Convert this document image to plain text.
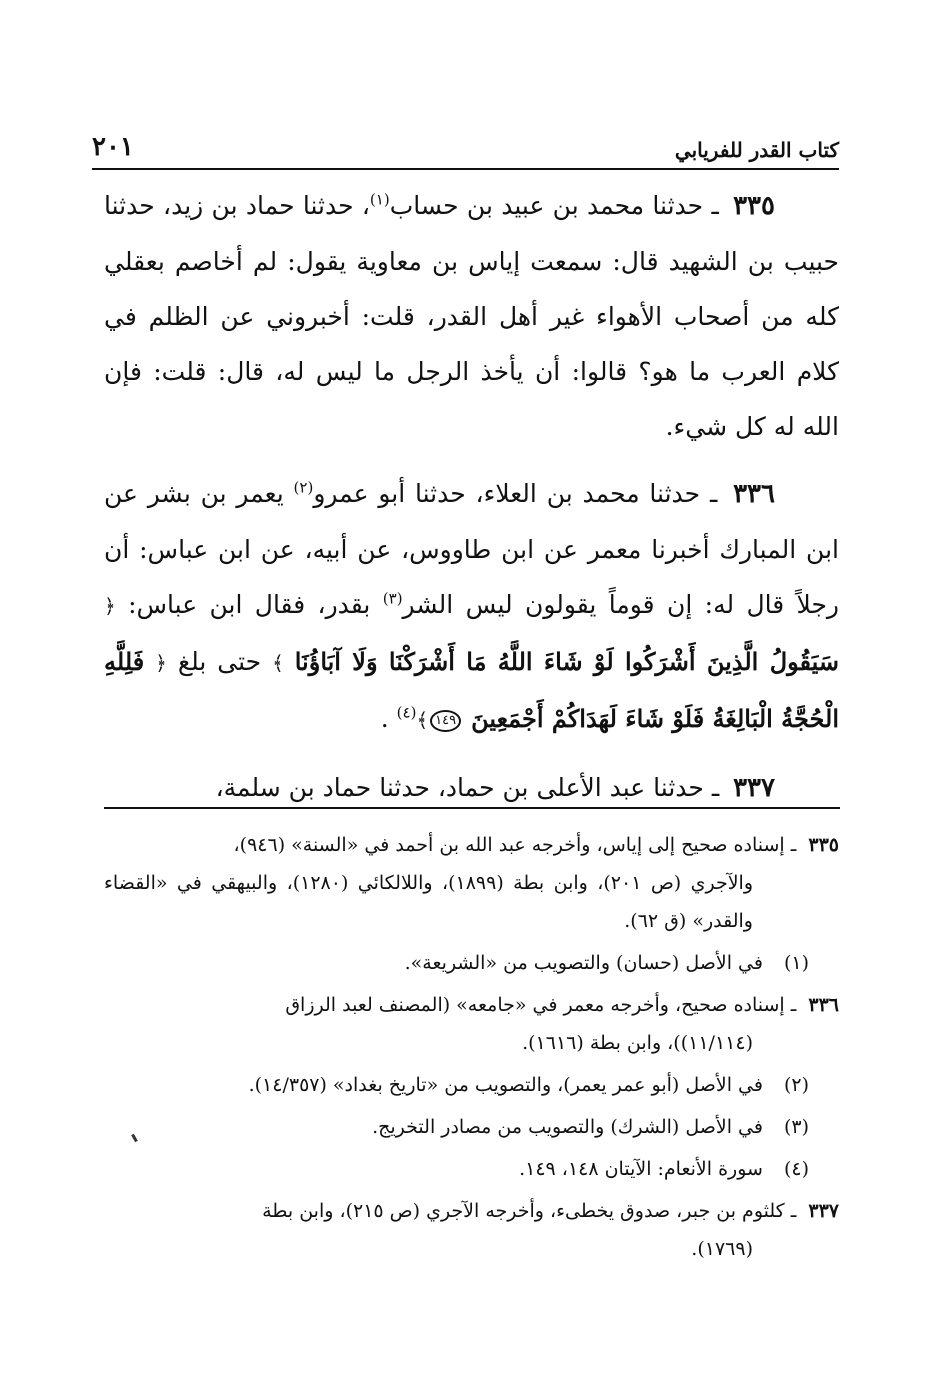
كتاب القدر للفريابي
٢٠١

٣٣٥ ـ حدثنا محمد بن عبيد بن حساب$^{(١)}$، حدثنا حماد بن زيد، حدثنا حبيب بن الشهيد قال: سمعت إياس بن معاوية يقول: لم أخاصم بعقلي كله من أصحاب الأهواء غير أهل القدر، قلت: أخبروني عن الظلم في كلام العرب ما هو؟ قالوا: أن يأخذ الرجل ما ليس له، قال: قلت: فإن الله له كل شيء.

٣٣٦ ـ حدثنا محمد بن العلاء، حدثنا أبو عمرو$^{(٢)}$ يعمر بن بشر عن ابن المبارك أخبرنا معمر عن ابن طاووس، عن أبيه، عن ابن عباس: أن رجلاً قال له: إن قوماً يقولون ليس الشر$^{(٣)}$ بقدر، فقال ابن عباس: ﴿ سَيَقُولُ الَّذِينَ أَشْرَكُوا لَوْ شَاءَ اللَّهُ مَا أَشْرَكْنَا وَلَا آبَاؤُنَا ﴾ حتى بلغ ﴿ فَلِلَّهِ الْحُجَّةُ الْبَالِغَةُ فَلَوْ شَاءَ لَهَدَاكُمْ أَجْمَعِينَ ١٤٩﴾$^{(٤)}$ .

٣٣٧ ـ حدثنا عبد الأعلى بن حماد، حدثنا حماد بن سلمة،

٣٣٥ ـ إسناده صحيح إلى إياس، وأخرجه عبد الله بن أحمد في «السنة» (٩٤٦)،
والآجري (ص ٢٠١)، وابن بطة (١٨٩٩)، واللالكائي (١٢٨٠)، والبيهقي في «القضاء والقدر» (ق ٦٢).
(١) في الأصل (حسان) والتصويب من «الشريعة».
٣٣٦ ـ إسناده صحيح، وأخرجه معمر في «جامعه» (المصنف لعبد الرزاق
(١١/١١٤))، وابن بطة (١٦١٦).
(٢) في الأصل (أبو عمر يعمر)، والتصويب من «تاريخ بغداد» (١٤/٣٥٧).
(٣) في الأصل (الشرك) والتصويب من مصادر التخريج.
(٤) سورة الأنعام: الآيتان ١٤٨، ١٤٩.
٣٣٧ ـ كلثوم بن جبر، صدوق يخطىء، وأخرجه الآجري (ص ٢١٥)، وابن بطة
(١٧٦٩).
